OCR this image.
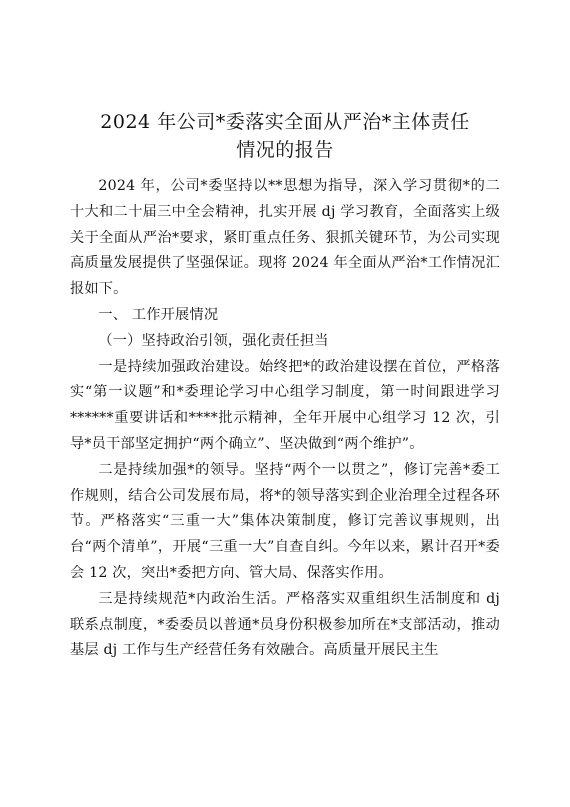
2024 年公司*委落实全面从严治*主体责任
情况的报告

2024 年，公司*委坚持以**思想为指导，深入学习贯彻*的二十大和二十届三中全会精神，扎实开展 dj 学习教育，全面落实上级关于全面从严治*要求，紧盯重点任务、狠抓关键环节，为公司实现高质量发展提供了坚强保证。现将 2024 年全面从严治*工作情况汇报如下。

一、 工作开展情况

（一）坚持政治引领，强化责任担当

一是持续加强政治建设。始终把*的政治建设摆在首位，严格落实“第一议题”和*委理论学习中心组学习制度，第一时间跟进学习******重要讲话和****批示精神，全年开展中心组学习 12 次，引导*员干部坚定拥护“两个确立”、坚决做到“两个维护”。

二是持续加强*的领导。坚持“两个一以贯之”，修订完善*委工作规则，结合公司发展布局，将*的领导落实到企业治理全过程各环节。严格落实“三重一大”集体决策制度，修订完善议事规则，出台“两个清单”，开展“三重一大”自查自纠。今年以来，累计召开*委会 12 次，突出*委把方向、管大局、保落实作用。

三是持续规范*内政治生活。严格落实双重组织生活制度和 dj 联系点制度，*委委员以普通*员身份积极参加所在*支部活动，推动基层 dj 工作与生产经营任务有效融合。高质量开展民主生
